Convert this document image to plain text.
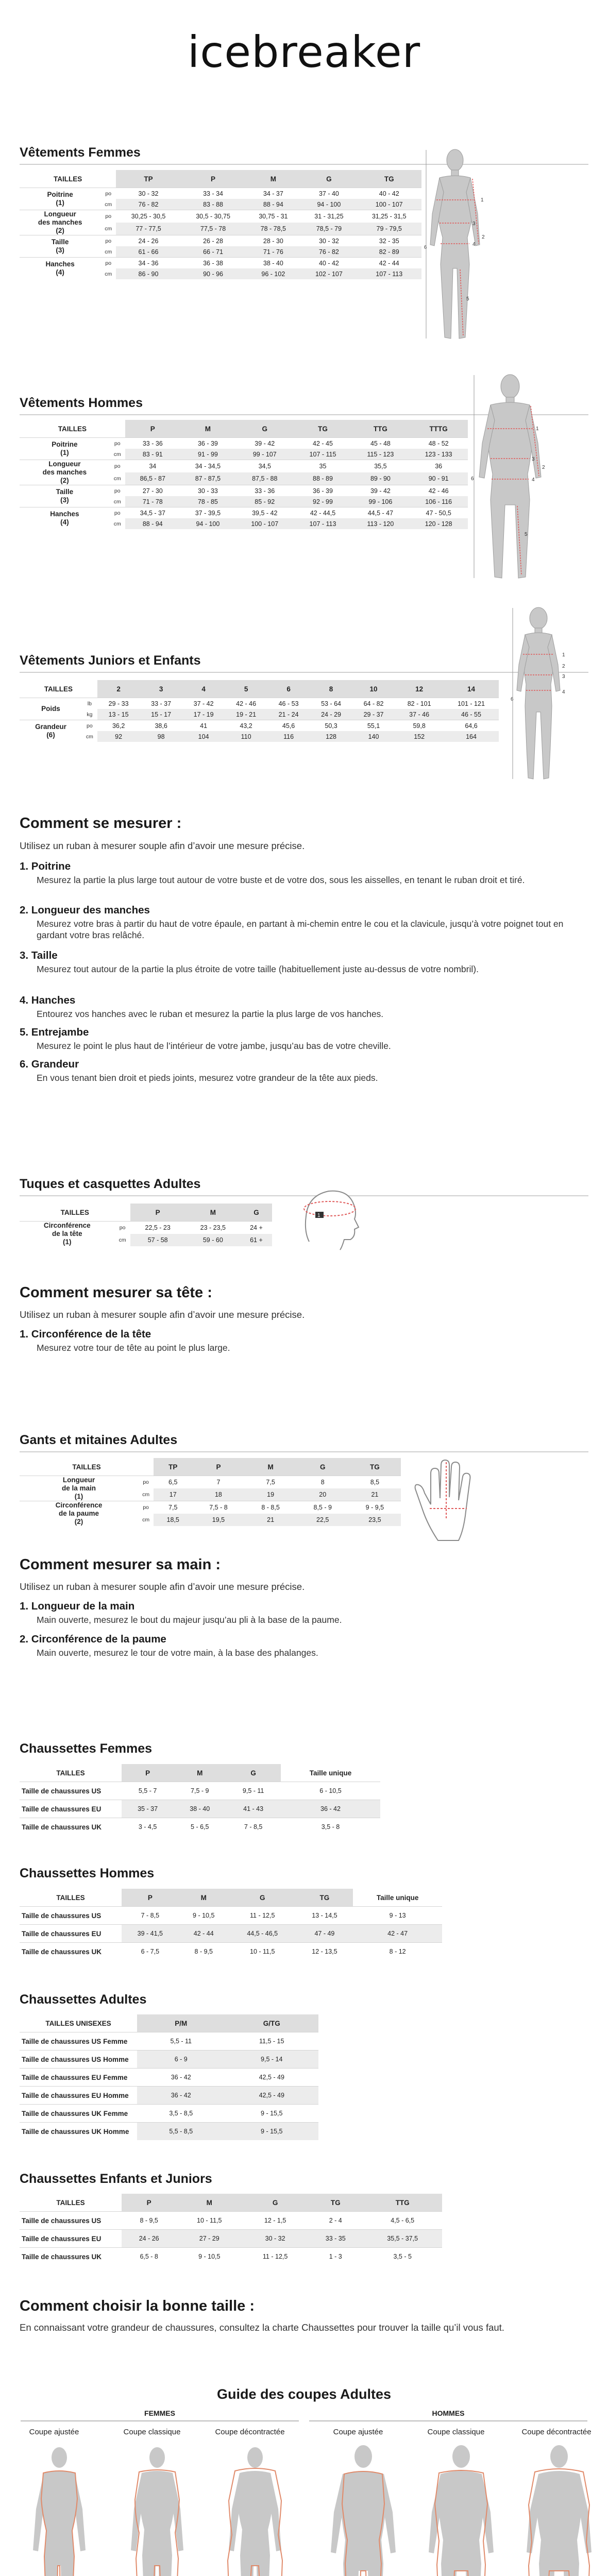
icebreaker
Vêtements Femmes
TAILLES		TP	P	M	G	TG
Poitrine
(1)	po	30 - 32	33 - 34	34 - 37	37 - 40	40 - 42
	cm	76 - 82	83 - 88	88 - 94	94 - 100	100 - 107
Longueur
des manches
(2)	po	30,25 - 30,5	30,5 - 30,75	30,75 - 31	31 - 31,25	31,25 - 31,5
	cm	77 - 77,5	77,5 - 78	78 - 78,5	78,5 - 79	79 - 79,5
Taille
(3)	po	24 - 26	26 - 28	28 - 30	30 - 32	32 - 35
	cm	61 - 66	66 - 71	71 - 76	76 - 82	82 - 89
Hanches
(4)	po	34 - 36	36 - 38	38 - 40	40 - 42	42 - 44
	cm	86 - 90	90 - 96	96 - 102	102 - 107	107 - 113
1
2
3
4
5
6
Vêtements Hommes
TAILLES		P	M	G	TG	TTG	TTTG
Poitrine
(1)	po	33 - 36	36 - 39	39 - 42	42 - 45	45 - 48	48 - 52
	cm	83 - 91	91 - 99	99 - 107	107 - 115	115 - 123	123 - 133
Longueur
des manches
(2)	po	34	34 - 34,5	34,5	35	35,5	36
	cm	86,5 - 87	87 - 87,5	87,5 - 88	88 - 89	89 - 90	90 - 91
Taille
(3)	po	27 - 30	30 - 33	33 - 36	36 - 39	39 - 42	42 - 46
	cm	71 - 78	78 - 85	85 - 92	92 - 99	99 - 106	106 - 116
Hanches
(4)	po	34,5 - 37	37 - 39,5	39,5 - 42	42 - 44,5	44,5 - 47	47 - 50,5
	cm	88 - 94	94 - 100	100 - 107	107 - 113	113 - 120	120 - 128
1
2
3
4
5
6
Vêtements Juniors et Enfants
TAILLES		2	3	4	5	6	8	10	12	14
Poids	lb	29 - 33	33 - 37	37 - 42	42 - 46	46 - 53	53 - 64	64 - 82	82 - 101	101 - 121
	kg	13 - 15	15 - 17	17 - 19	19 - 21	21 - 24	24 - 29	29 - 37	37 - 46	46 - 55
Grandeur
(6)	po	36,2	38,6	41	43,2	45,6	50,3	55,1	59,8	64,6
	cm	92	98	104	110	116	128	140	152	164
1
2
3
4
6
Comment se mesurer :
Utilisez un ruban à mesurer souple afin d’avoir une mesure précise.
1. Poitrine
Mesurez la partie la plus large tout autour de votre buste et de votre dos, sous les aisselles, en tenant le ruban droit et tiré.
2. Longueur des manches
Mesurez votre bras à partir du haut de votre épaule, en partant à mi-chemin entre le cou et la clavicule, jusqu’à votre poignet tout en gardant votre bras relâché.
3. Taille
Mesurez tout autour de la partie la plus étroite de votre taille (habituellement juste au-dessus de votre nombril).
4. Hanches
Entourez vos hanches avec le ruban et mesurez la partie la plus large de vos hanches.
5. Entrejambe
Mesurez le point le plus haut de l’intérieur de votre jambe, jusqu’au bas de votre cheville.
6. Grandeur
En vous tenant bien droit et pieds joints, mesurez votre grandeur de la tête aux pieds.
Tuques et casquettes Adultes
TAILLES		P	M	G
Circonférence
de la tête
(1)	po	22,5 - 23	23 - 23,5	24 +
	cm	57 - 58	59 - 60	61 +
1
Comment mesurer sa tête :
Utilisez un ruban à mesurer souple afin d’avoir une mesure précise.
1. Circonférence de la tête
Mesurez votre tour de tête au point le plus large.
Gants et mitaines Adultes
TAILLES		TP	P	M	G	TG
Longueur
de la main
(1)	po	6,5	7	7,5	8	8,5
	cm	17	18	19	20	21
Circonférence
de la paume
(2)	po	7,5	7,5 - 8	8 - 8,5	8,5 - 9	9 - 9,5
	cm	18,5	19,5	21	22,5	23,5
Comment mesurer sa main :
Utilisez un ruban à mesurer souple afin d’avoir une mesure précise.
1. Longueur de la main
Main ouverte, mesurez le bout du majeur jusqu’au pli à la base de la paume.
2. Circonférence de la paume
Main ouverte, mesurez le tour de votre main, à la base des phalanges.
Chaussettes Femmes
TAILLES	P	M	G	Taille unique
Taille de chaussures US	5,5 - 7	7,5 - 9	9,5 - 11	6 - 10,5
Taille de chaussures EU	35 - 37	38 - 40	41 - 43	36 - 42
Taille de chaussures UK	3 - 4,5	5 - 6,5	7 - 8,5	3,5 - 8
Chaussettes Hommes
TAILLES	P	M	G	TG	Taille unique
Taille de chaussures US	7 - 8,5	9 - 10,5	11 - 12,5	13 - 14,5	9 - 13
Taille de chaussures EU	39 - 41,5	42 - 44	44,5 - 46,5	47 - 49	42 - 47
Taille de chaussures UK	6 - 7,5	8 - 9,5	10 - 11,5	12 - 13,5	8 - 12
Chaussettes Adultes
TAILLES UNISEXES	P/M	G/TG
Taille de chaussures US Femme	5,5 - 11	11,5 - 15
Taille de chaussures US Homme	6 - 9	9,5 - 14
Taille de chaussures EU Femme	36 - 42	42,5 - 49
Taille de chaussures EU Homme	36 - 42	42,5 - 49
Taille de chaussures UK Femme	3,5 - 8,5	9 - 15,5
Taille de chaussures UK Homme	5,5 - 8,5	9 - 15,5
Chaussettes Enfants et Juniors
TAILLES	P	M	G	TG	TTG
Taille de chaussures US	8 - 9,5	10 - 11,5	12 - 1,5	2 - 4	4,5 - 6,5
Taille de chaussures EU	24 - 26	27 - 29	30 - 32	33 - 35	35,5 - 37,5
Taille de chaussures UK	6,5 - 8	9 - 10,5	11 - 12,5	1 - 3	3,5 - 5
Comment choisir la bonne taille :
En connaissant votre grandeur de chaussures, consultez la charte Chaussettes pour trouver la taille qu’il vous faut.
Guide des coupes Adultes
FEMMES	HOMMES
Coupe ajustée	Coupe classique	Coupe décontractée	Coupe ajustée	Coupe classique	Coupe décontractée
